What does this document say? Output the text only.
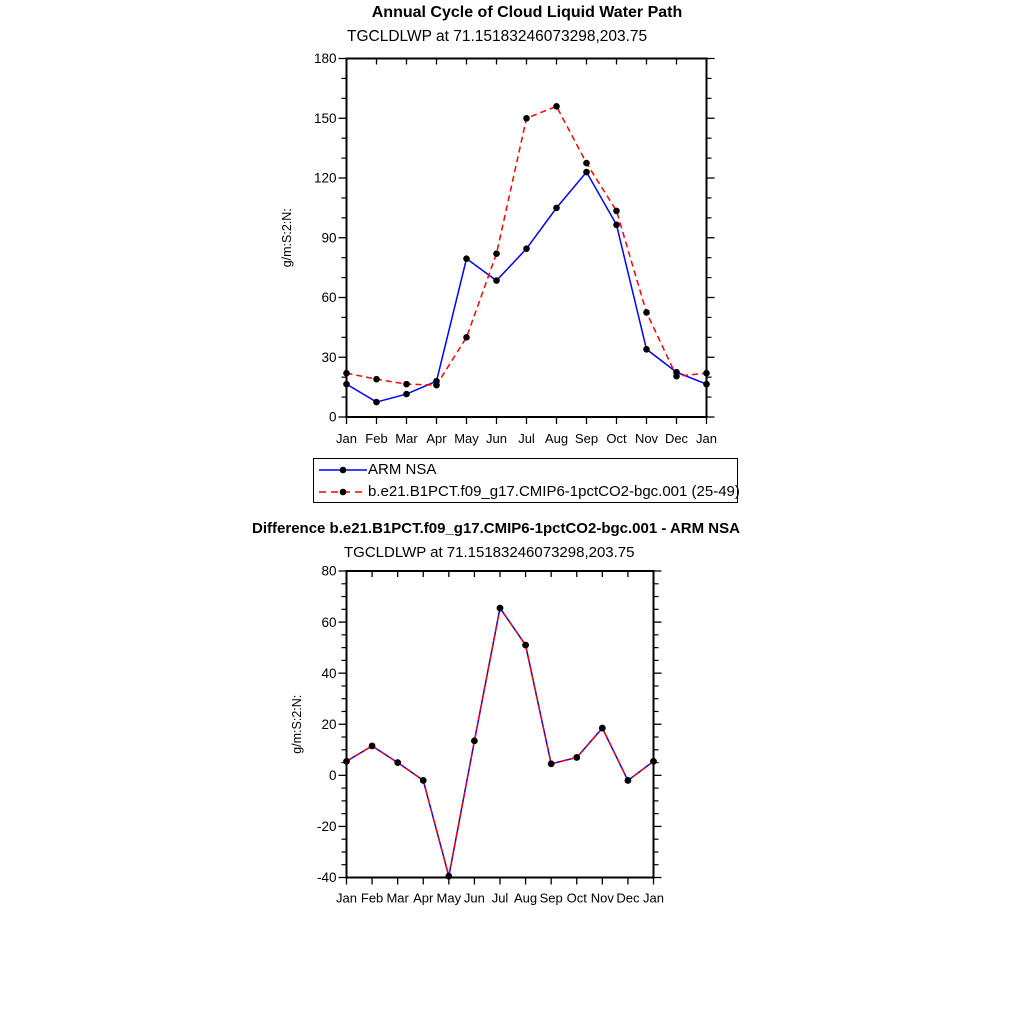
Annual Cycle of Cloud Liquid Water Path
TGCLDLWP at 71.15183246073298,203.75
0
30
60
90
120
150
180
Jan Feb Mar Apr May Jun Jul Aug Sep Oct Nov Dec Jan
g/m:S:2:N:
ARM NSA
b.e21.B1PCT.f09_g17.CMIP6-1pctCO2-bgc.001 (25-49)
Difference b.e21.B1PCT.f09_g17.CMIP6-1pctCO2-bgc.001 - ARM NSA
TGCLDLWP at 71.15183246073298,203.75
-40
-20
0
20
40
60
80
Jan Feb Mar Apr May Jun Jul Aug Sep Oct Nov Dec Jan
g/m:S:2:N:
